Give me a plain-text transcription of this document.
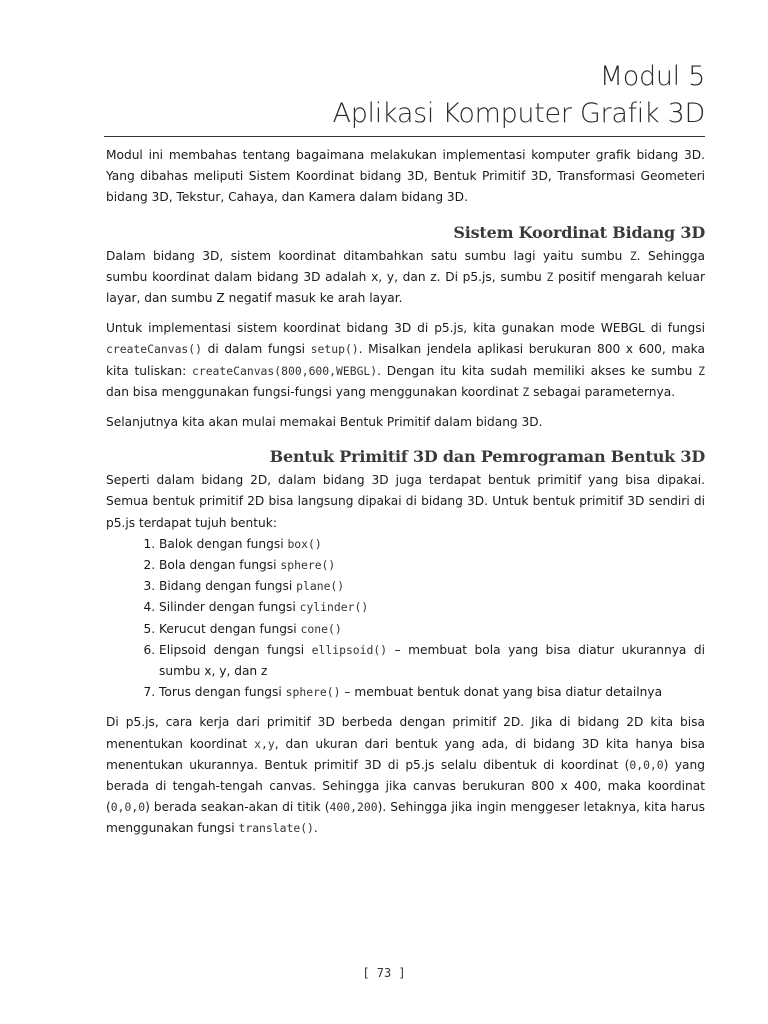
Modul 5
Aplikasi Komputer Grafik 3D

Modul ini membahas tentang bagaimana melakukan implementasi komputer grafik bidang 3D. Yang dibahas meliputi Sistem Koordinat bidang 3D, Bentuk Primitif 3D, Transformasi Geometeri bidang 3D, Tekstur, Cahaya, dan Kamera dalam bidang 3D.

Sistem Koordinat Bidang 3D

Dalam bidang 3D, sistem koordinat ditambahkan satu sumbu lagi yaitu sumbu Z. Sehingga sumbu koordinat dalam bidang 3D adalah x, y, dan z. Di p5.js, sumbu Z positif mengarah keluar layar, dan sumbu Z negatif masuk ke arah layar.

Untuk implementasi sistem koordinat bidang 3D di p5.js, kita gunakan mode WEBGL di fungsi createCanvas() di dalam fungsi setup(). Misalkan jendela aplikasi berukuran 800 x 600, maka kita tuliskan: createCanvas(800,600,WEBGL). Dengan itu kita sudah memiliki akses ke sumbu Z dan bisa menggunakan fungsi-fungsi yang menggunakan koordinat Z sebagai parameternya.

Selanjutnya kita akan mulai memakai Bentuk Primitif dalam bidang 3D.

Bentuk Primitif 3D dan Pemrograman Bentuk 3D

Seperti dalam bidang 2D, dalam bidang 3D juga terdapat bentuk primitif yang bisa dipakai. Semua bentuk primitif 2D bisa langsung dipakai di bidang 3D. Untuk bentuk primitif 3D sendiri di p5.js terdapat tujuh bentuk:

1. Balok dengan fungsi box()
2. Bola dengan fungsi sphere()
3. Bidang dengan fungsi plane()
4. Silinder dengan fungsi cylinder()
5. Kerucut dengan fungsi cone()
6. Elipsoid dengan fungsi ellipsoid() – membuat bola yang bisa diatur ukurannya di sumbu x, y, dan z
7. Torus dengan fungsi sphere() – membuat bentuk donat yang bisa diatur detailnya

Di p5.js, cara kerja dari primitif 3D berbeda dengan primitif 2D. Jika di bidang 2D kita bisa menentukan koordinat x,y, dan ukuran dari bentuk yang ada, di bidang 3D kita hanya bisa menentukan ukurannya. Bentuk primitif 3D di p5.js selalu dibentuk di koordinat (0,0,0) yang berada di tengah-tengah canvas. Sehingga jika canvas berukuran 800 x 400, maka koordinat (0,0,0) berada seakan-akan di titik (400,200). Sehingga jika ingin menggeser letaknya, kita harus menggunakan fungsi translate().

[ 73 ]
